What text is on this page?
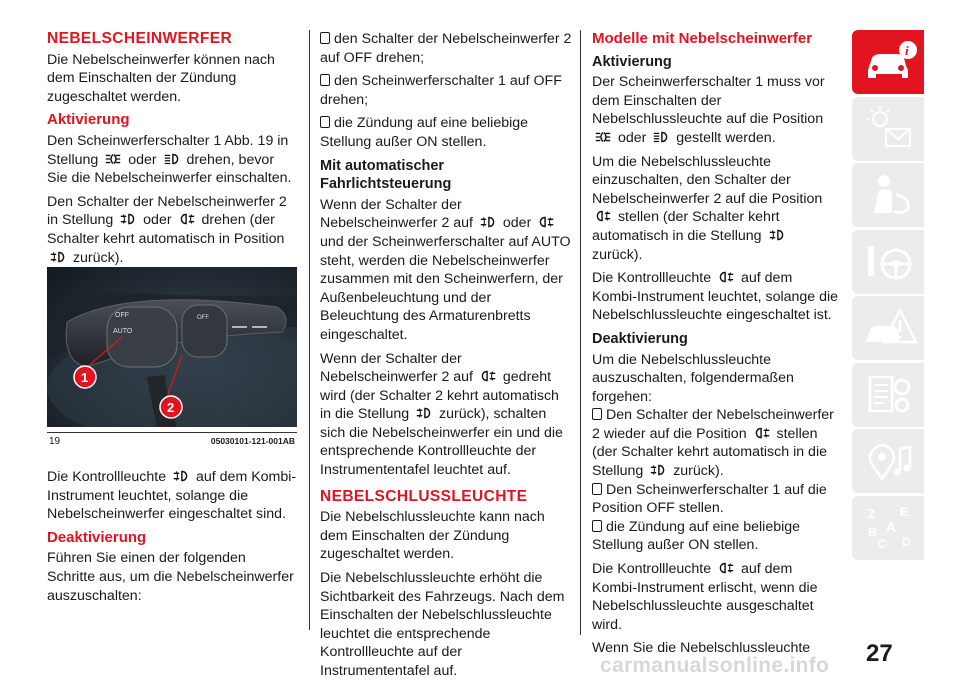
NEBELSCHEINWERFER

Die Nebelscheinwerfer können nach dem Einschalten der Zündung zugeschaltet werden.

Aktivierung

Den Scheinwerferschalter 1 Abb. 19 in Stellung oder drehen, bevor Sie die Nebelscheinwerfer einschalten.

Den Schalter der Nebelscheinwerfer 2 in Stellung oder drehen (der Schalter kehrt automatisch in Position
zurück).

OFF
AUTO
OFF
1
2
19	05030101-121-001AB

Die Kontrollleuchte auf dem Kombi-Instrument leuchtet, solange die Nebelscheinwerfer eingeschaltet sind.

Deaktivierung

Führen Sie einen der folgenden Schritte aus, um die Nebelscheinwerfer auszuschalten:

den Schalter der Nebelscheinwerfer 2 auf OFF drehen;

den Scheinwerferschalter 1 auf OFF drehen;

die Zündung auf eine beliebige Stellung außer ON stellen.

Mit automatischer Fahrlichtsteuerung

Wenn der Schalter der Nebelscheinwerfer 2 auf oder
und der Scheinwerferschalter auf AUTO steht, werden die Nebelscheinwerfer zusammen mit den Scheinwerfern, der Außenbeleuchtung und der Beleuchtung des Armaturenbretts eingeschaltet.

Wenn der Schalter der Nebelscheinwerfer 2 auf gedreht wird (der Schalter 2 kehrt automatisch in die Stellung zurück), schalten sich die Nebelscheinwerfer ein und die entsprechende Kontrollleuchte der Instrumententafel leuchtet auf.

NEBELSCHLUSSLEUCHTE

Die Nebelschlussleuchte kann nach dem Einschalten der Zündung zugeschaltet werden.

Die Nebelschlussleuchte erhöht die Sichtbarkeit des Fahrzeugs. Nach dem Einschalten der Nebelschlussleuchte leuchtet die entsprechende Kontrollleuchte auf der Instrumententafel auf.

Modelle mit Nebelscheinwerfer
Aktivierung

Der Scheinwerferschalter 1 muss vor dem Einschalten der Nebelschlussleuchte auf die Position
oder gestellt werden.

Um die Nebelschlussleuchte einzuschalten, den Schalter der Nebelscheinwerfer 2 auf die Position
stellen (der Schalter kehrt automatisch in die Stellung
zurück).

Die Kontrollleuchte auf dem Kombi-Instrument leuchtet, solange die Nebelschlussleuchte eingeschaltet ist.

Deaktivierung

Um die Nebelschlussleuchte auszuschalten, folgendermaßen forgehen:

Den Schalter der Nebelscheinwerfer 2 wieder auf die Position stellen (der Schalter kehrt automatisch in die Stellung zurück).

Den Scheinwerferschalter 1 auf die Position OFF stellen.

die Zündung auf eine beliebige Stellung außer ON stellen.

Die Kontrollleuchte auf dem Kombi-Instrument erlischt, wenn die Nebelschlussleuchte ausgeschaltet wird.

Wenn Sie die Nebelschlussleuchte

i
Z E
A
B
C D
27
carmanualsonline.info
